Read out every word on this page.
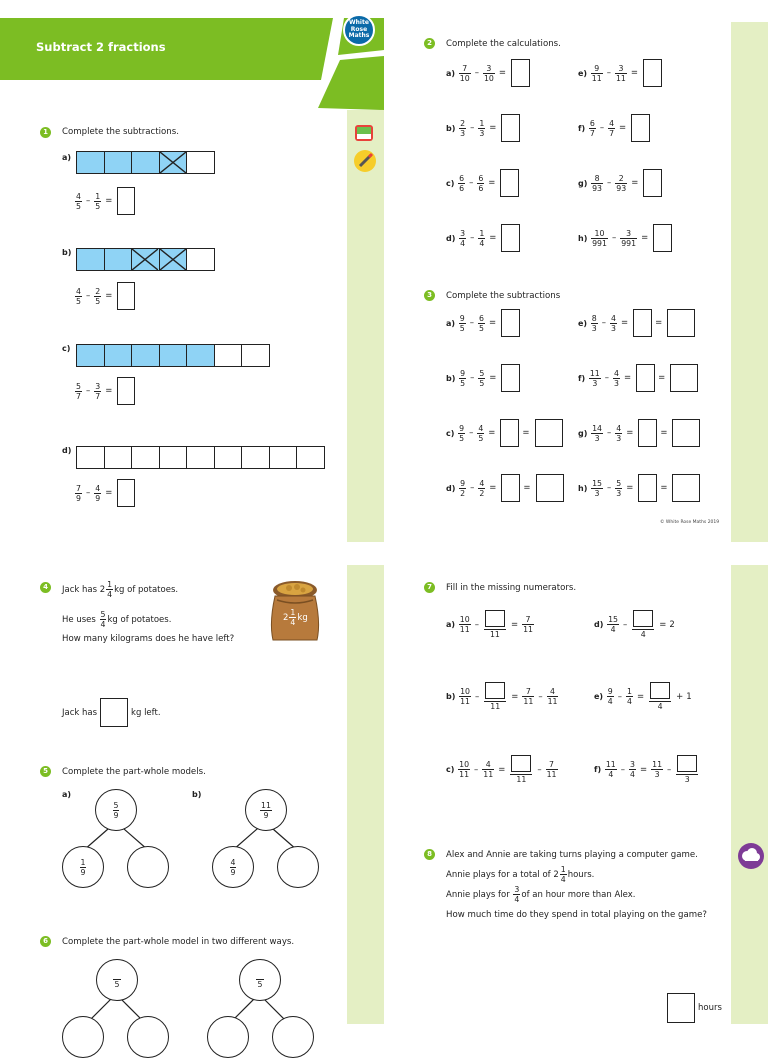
Subtract 2 fractions
White
Rose
Maths
1	Complete the subtractions.
a)
$\frac{4}{5} - \frac{1}{5}$ =
b)
$\frac{4}{5} - \frac{2}{5}$ =
c)
$\frac{5}{7} - \frac{3}{7}$ =
d)
$\frac{7}{9} - \frac{4}{9}$ =
2	Complete the calculations.
a)
$\frac{7}{10} - \frac{3}{10}$ =
b)
$\frac{2}{3} - \frac{1}{3}$ =
c)
$\frac{6}{6} - \frac{6}{6}$ =
d)
$\frac{3}{4} - \frac{1}{4}$ =
e)
$\frac{9}{11} - \frac{3}{11}$ =
f)
$\frac{6}{7} - \frac{4}{7}$ =
g)
$\frac{8}{93} - \frac{2}{93}$ =
h)
$\frac{10}{991} - \frac{3}{991}$ =
3	Complete the subtractions
a)
$\frac{9}{5} - \frac{6}{5}$ =
b)
$\frac{9}{5} - \frac{5}{5}$ =
c)
$\frac{9}{5} - \frac{4}{5}$ =	=
d)
$\frac{9}{2} - \frac{4}{2}$ =	=
e)
$\frac{8}{3} - \frac{4}{3}$ =	=
f)
$\frac{11}{3} - \frac{4}{3}$ =	=
g)
$\frac{14}{3} - \frac{4}{3}$ =	=
h)
$\frac{15}{3} - \frac{5}{3}$ =	=
© White Rose Maths 2019
4	Jack has $2 \frac{1}{4}$ kg of potatoes.
He uses
$\frac{5}{4}$ kg of potatoes.
How many kilograms does he have left?
$2 \frac{1}{4}$ kg
Jack has	kg left.
5	Complete the part-whole models.
a)
$\frac{5}{9}$
$\frac{1}{9}$
b)
$\frac{11}{9}$
$\frac{4}{9}$
6	Complete the part-whole model in two different ways.
5	5
7	Fill in the missing numerators.
a)
$\frac{10}{11}$ –
11
= $\frac{7}{11}$
b)
$\frac{10}{11}$ –
11
= $\frac{7}{11} - \frac{4}{11}$
c)
$\frac{10}{11} - \frac{4}{11}$ =
11
– $\frac{7}{11}$
d)
$\frac{15}{4}$ –
4
= 2
e)
$\frac{9}{4} - \frac{1}{4}$ =
4
+ 1
f)
$\frac{11}{4} - \frac{3}{4} = \frac{11}{3}$ –
3
8	Alex and Annie are taking turns playing a computer game.
Annie plays for a total of $2 \frac{1}{4}$ hours.
Annie plays for
$\frac{3}{4}$ of an hour more than Alex.
How much time do they spend in total playing on the game?
hours
